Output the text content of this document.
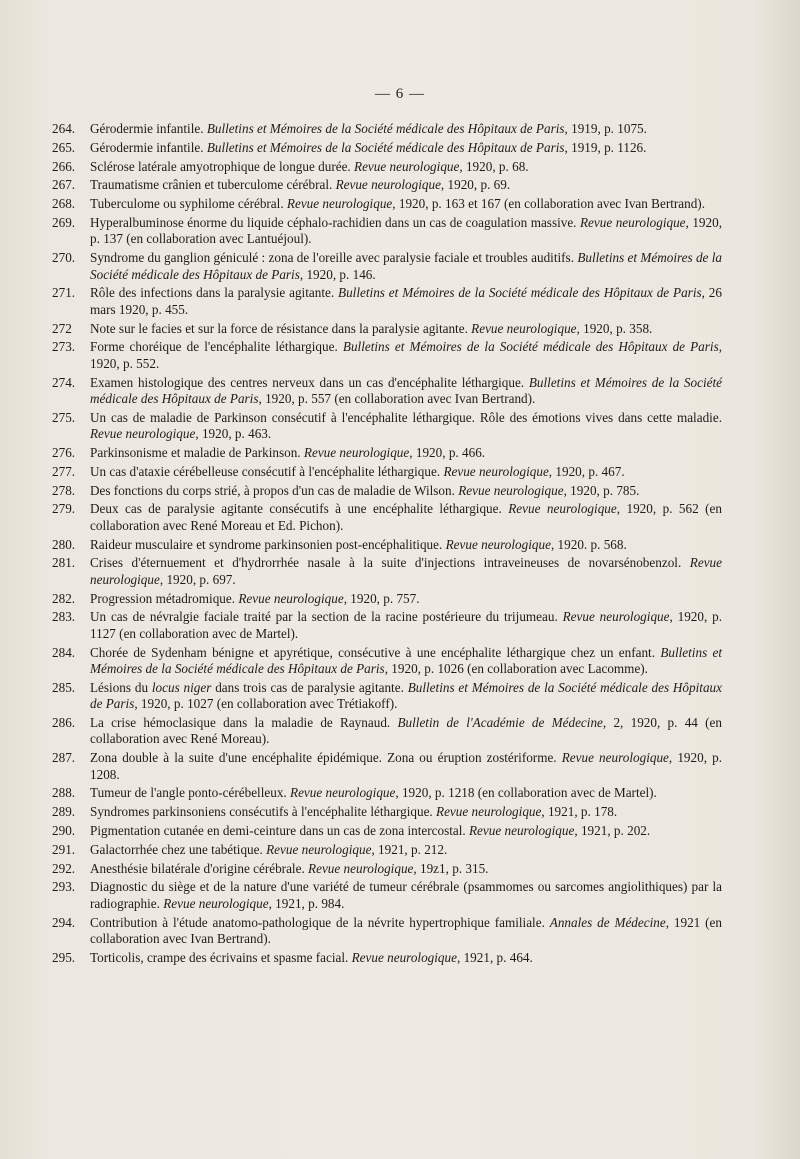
— 6 —
264.	Gérodermie infantile. Bulletins et Mémoires de la Société médicale des Hôpitaux de Paris, 1919, p. 1075.
265.	Gérodermie infantile. Bulletins et Mémoires de la Société médicale des Hôpitaux de Paris, 1919, p. 1126.
266.	Sclérose latérale amyotrophique de longue durée. Revue neurologique, 1920, p. 68.
267.	Traumatisme crânien et tuberculome cérébral. Revue neurologique, 1920, p. 69.
268.	Tuberculome ou syphilome cérébral. Revue neurologique, 1920, p. 163 et 167 (en collaboration avec Ivan Bertrand).
269.	Hyperalbuminose énorme du liquide céphalo-rachidien dans un cas de coagulation massive. Revue neurologique, 1920, p. 137 (en collaboration avec Lantuéjoul).
270.	Syndrome du ganglion géniculé : zona de l'oreille avec paralysie faciale et troubles auditifs. Bulletins et Mémoires de la Société médicale des Hôpitaux de Paris, 1920, p. 146.
271.	Rôle des infections dans la paralysie agitante. Bulletins et Mémoires de la Société médicale des Hôpitaux de Paris, 26 mars 1920, p. 455.
272	Note sur le facies et sur la force de résistance dans la paralysie agitante. Revue neurologique, 1920, p. 358.
273.	Forme choréique de l'encéphalite léthargique. Bulletins et Mémoires de la Société médicale des Hôpitaux de Paris, 1920, p. 552.
274.	Examen histologique des centres nerveux dans un cas d'encéphalite léthargique. Bulletins et Mémoires de la Société médicale des Hôpitaux de Paris, 1920, p. 557 (en collaboration avec Ivan Bertrand).
275.	Un cas de maladie de Parkinson consécutif à l'encéphalite léthargique. Rôle des émotions vives dans cette maladie. Revue neurologique, 1920, p. 463.
276.	Parkinsonisme et maladie de Parkinson. Revue neurologique, 1920, p. 466.
277.	Un cas d'ataxie cérébelleuse consécutif à l'encéphalite léthargique. Revue neurologique, 1920, p. 467.
278.	Des fonctions du corps strié, à propos d'un cas de maladie de Wilson. Revue neurologique, 1920, p. 785.
279.	Deux cas de paralysie agitante consécutifs à une encéphalite léthargique. Revue neurologique, 1920, p. 562 (en collaboration avec René Moreau et Ed. Pichon).
280.	Raideur musculaire et syndrome parkinsonien post-encéphalitique. Revue neurologique, 1920. p. 568.
281.	Crises d'éternuement et d'hydrorrhée nasale à la suite d'injections intraveineuses de novarsénobenzol. Revue neurologique, 1920, p. 697.
282.	Progression métadromique. Revue neurologique, 1920, p. 757.
283.	Un cas de névralgie faciale traité par la section de la racine postérieure du trijumeau. Revue neurologique, 1920, p. 1127 (en collaboration avec de Martel).
284.	Chorée de Sydenham bénigne et apyrétique, consécutive à une encéphalite léthargique chez un enfant. Bulletins et Mémoires de la Société médicale des Hôpitaux de Paris, 1920, p. 1026 (en collaboration avec Lacomme).
285.	Lésions du locus niger dans trois cas de paralysie agitante. Bulletins et Mémoires de la Société médicale des Hôpitaux de Paris, 1920, p. 1027 (en collaboration avec Trétiakoff).
286.	La crise hémoclasique dans la maladie de Raynaud. Bulletin de l'Académie de Médecine, 2, 1920, p. 44 (en collaboration avec René Moreau).
287.	Zona double à la suite d'une encéphalite épidémique. Zona ou éruption zostériforme. Revue neurologique, 1920, p. 1208.
288.	Tumeur de l'angle ponto-cérébelleux. Revue neurologique, 1920, p. 1218 (en collaboration avec de Martel).
289.	Syndromes parkinsoniens consécutifs à l'encéphalite léthargique. Revue neurologique, 1921, p. 178.
290.	Pigmentation cutanée en demi-ceinture dans un cas de zona intercostal. Revue neurologique, 1921, p. 202.
291.	Galactorrhée chez une tabétique. Revue neurologique, 1921, p. 212.
292.	Anesthésie bilatérale d'origine cérébrale. Revue neurologique, 19z1, p. 315.
293.	Diagnostic du siège et de la nature d'une variété de tumeur cérébrale (psammomes ou sarcomes angiolithiques) par la radiographie. Revue neurologique, 1921, p. 984.
294.	Contribution à l'étude anatomo-pathologique de la névrite hypertrophique familiale. Annales de Médecine, 1921 (en collaboration avec Ivan Bertrand).
295.	Torticolis, crampe des écrivains et spasme facial. Revue neurologique, 1921, p. 464.
